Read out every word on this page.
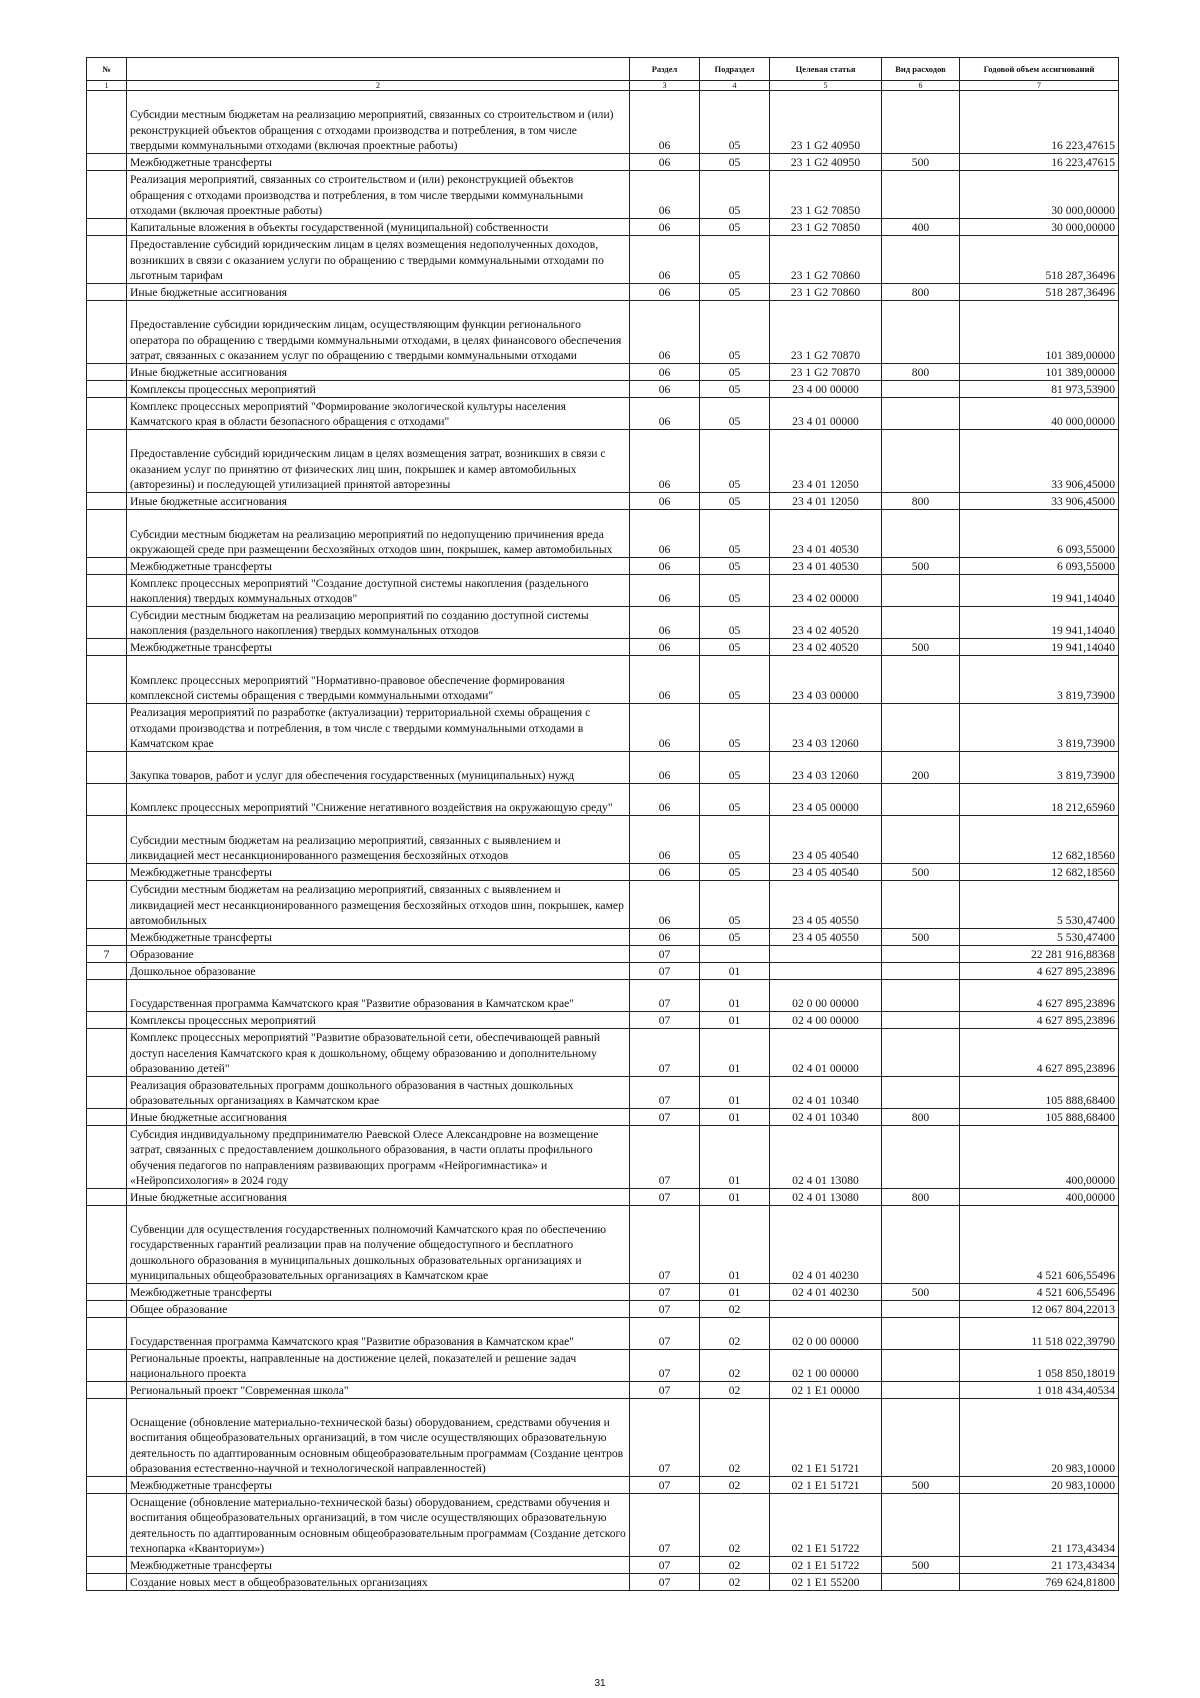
№		Раздел	Подраздел	Целевая статья	Вид расходов	Годовой объем ассигнований
1	2	3	4	5	6	7
	Субсидии местным бюджетам на реализацию мероприятий, связанных со строительством и (или) реконструкцией объектов обращения с отходами производства и потребления, в том числе твердыми коммунальными отходами (включая проектные работы)	06	05	23 1 G2 40950		16 223,47615
	Межбюджетные трансферты	06	05	23 1 G2 40950	500	16 223,47615
	Реализация мероприятий, связанных со строительством и (или) реконструкцией объектов обращения с отходами производства и потребления, в том числе твердыми коммунальными отходами (включая проектные работы)	06	05	23 1 G2 70850		30 000,00000
	Капитальные вложения в объекты государственной (муниципальной) собственности	06	05	23 1 G2 70850	400	30 000,00000
	Предоставление субсидий юридическим лицам в целях возмещения недополученных доходов, возникших в связи с оказанием услуги по обращению с твердыми коммунальными отходами по льготным тарифам	06	05	23 1 G2 70860		518 287,36496
	Иные бюджетные ассигнования	06	05	23 1 G2 70860	800	518 287,36496
	Предоставление субсидии юридическим лицам, осуществляющим функции регионального оператора по обращению с твердыми коммунальными отходами, в целях финансового обеспечения затрат, связанных с оказанием услуг по обращению с твердыми коммунальными отходами	06	05	23 1 G2 70870		101 389,00000
	Иные бюджетные ассигнования	06	05	23 1 G2 70870	800	101 389,00000
	Комплексы процессных мероприятий	06	05	23 4 00 00000		81 973,53900
	Комплекс процессных мероприятий "Формирование экологической культуры населения Камчатского края в области безопасного обращения с отходами"	06	05	23 4 01 00000		40 000,00000
	Предоставление субсидий юридическим лицам в целях возмещения затрат, возникших в связи с оказанием услуг по принятию от физических лиц шин, покрышек и камер автомобильных (авторезины) и последующей утилизацией принятой авторезины	06	05	23 4 01 12050		33 906,45000
	Иные бюджетные ассигнования	06	05	23 4 01 12050	800	33 906,45000
	Субсидии местным бюджетам на реализацию мероприятий по недопущению причинения вреда окружающей среде при размещении бесхозяйных отходов шин, покрышек, камер автомобильных	06	05	23 4 01 40530		6 093,55000
	Межбюджетные трансферты	06	05	23 4 01 40530	500	6 093,55000
	Комплекс процессных мероприятий "Создание доступной системы накопления (раздельного накопления) твердых коммунальных отходов"	06	05	23 4 02 00000		19 941,14040
	Субсидии местным бюджетам на реализацию мероприятий по созданию доступной системы накопления (раздельного накопления) твердых коммунальных отходов	06	05	23 4 02 40520		19 941,14040
	Межбюджетные трансферты	06	05	23 4 02 40520	500	19 941,14040
	Комплекс процессных мероприятий "Нормативно-правовое обеспечение формирования комплексной системы обращения с твердыми коммунальными отходами"	06	05	23 4 03 00000		3 819,73900
	Реализация мероприятий по разработке (актуализации) территориальной схемы обращения с отходами производства и потребления, в том числе с твердыми коммунальными отходами в Камчатском крае	06	05	23 4 03 12060		3 819,73900
	Закупка товаров, работ и услуг для обеспечения государственных (муниципальных) нужд	06	05	23 4 03 12060	200	3 819,73900
	Комплекс процессных мероприятий "Снижение негативного воздействия на окружающую среду"	06	05	23 4 05 00000		18 212,65960
	Субсидии местным бюджетам на реализацию мероприятий, связанных с выявлением и ликвидацией мест несанкционированного размещения бесхозяйных отходов	06	05	23 4 05 40540		12 682,18560
	Межбюджетные трансферты	06	05	23 4 05 40540	500	12 682,18560
	Субсидии местным бюджетам на реализацию мероприятий, связанных с выявлением и ликвидацией мест несанкционированного размещения бесхозяйных отходов шин, покрышек, камер автомобильных	06	05	23 4 05 40550		5 530,47400
	Межбюджетные трансферты	06	05	23 4 05 40550	500	5 530,47400
7	Образование	07				22 281 916,88368
	Дошкольное образование	07	01			4 627 895,23896
	Государственная программа Камчатского края "Развитие образования в Камчатском крае"	07	01	02 0 00 00000		4 627 895,23896
	Комплексы процессных мероприятий	07	01	02 4 00 00000		4 627 895,23896
	Комплекс процессных мероприятий "Развитие образовательной сети, обеспечивающей равный доступ населения Камчатского края к дошкольному, общему образованию и дополнительному образованию детей"	07	01	02 4 01 00000		4 627 895,23896
	Реализация образовательных программ дошкольного образования в частных дошкольных образовательных организациях в Камчатском крае	07	01	02 4 01 10340		105 888,68400
	Иные бюджетные ассигнования	07	01	02 4 01 10340	800	105 888,68400
	Субсидия индивидуальному предпринимателю Раевской Олесе Александровне на возмещение затрат, связанных с предоставлением дошкольного образования, в части оплаты профильного обучения педагогов по направлениям развивающих программ «Нейрогимнастика» и «Нейропсихология» в 2024 году	07	01	02 4 01 13080		400,00000
	Иные бюджетные ассигнования	07	01	02 4 01 13080	800	400,00000
	Субвенции для осуществления государственных полномочий Камчатского края по обеспечению государственных гарантий реализации прав на получение общедоступного и бесплатного дошкольного образования в муниципальных дошкольных образовательных организациях и муниципальных общеобразовательных организациях в Камчатском крае	07	01	02 4 01 40230		4 521 606,55496
	Межбюджетные трансферты	07	01	02 4 01 40230	500	4 521 606,55496
	Общее образование	07	02			12 067 804,22013
	Государственная программа Камчатского края "Развитие образования в Камчатском крае"	07	02	02 0 00 00000		11 518 022,39790
	Региональные проекты, направленные на достижение целей, показателей и решение задач национального проекта	07	02	02 1 00 00000		1 058 850,18019
	Региональный проект "Современная школа"	07	02	02 1 E1 00000		1 018 434,40534
	Оснащение (обновление материально-технической базы) оборудованием, средствами обучения и воспитания общеобразовательных организаций, в том числе осуществляющих образовательную деятельность по адаптированным основным общеобразовательным программам (Создание центров образования естественно-научной и технологической направленностей)	07	02	02 1 E1 51721		20 983,10000
	Межбюджетные трансферты	07	02	02 1 E1 51721	500	20 983,10000
	Оснащение (обновление материально-технической базы) оборудованием, средствами обучения и воспитания общеобразовательных организаций, в том числе осуществляющих образовательную деятельность по адаптированным основным общеобразовательным программам (Создание детского технопарка «Кванториум»)	07	02	02 1 E1 51722		21 173,43434
	Межбюджетные трансферты	07	02	02 1 E1 51722	500	21 173,43434
	Создание новых мест в общеобразовательных организациях	07	02	02 1 E1 55200		769 624,81800
31
